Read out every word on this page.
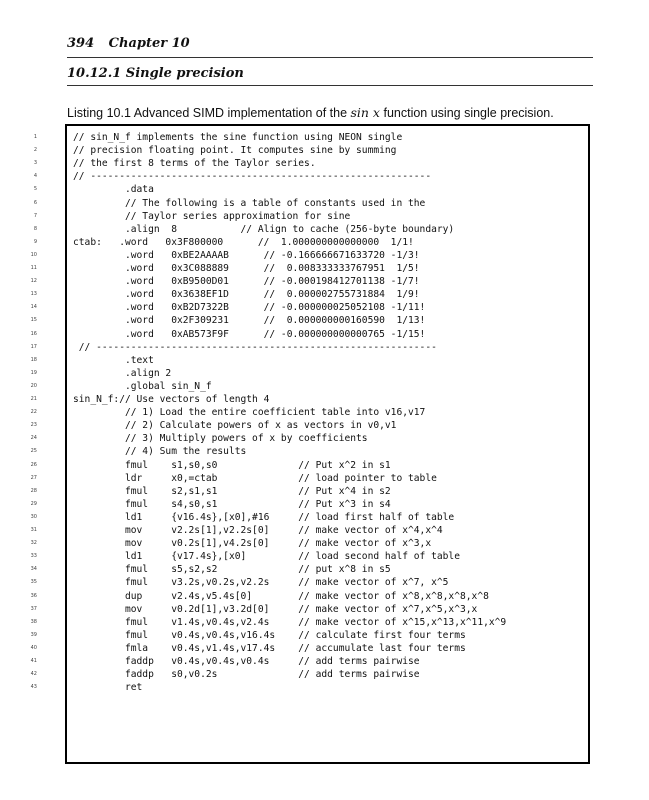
394 Chapter 10
10.12.1 Single precision
Listing 10.1 Advanced SIMD implementation of the sin x function using single precision.
1	// sin_N_f implements the sine function using NEON single
2	// precision floating point. It computes sine by summing
3	// the first 8 terms of the Taylor series.
4	// -----------------------------------------------------------
5	.data
6	// The following is a table of constants used in the
7	// Taylor series approximation for sine
8	.align  8           // Align to cache (256-byte boundary)
9	ctab:   .word   0x3F800000      //  1.000000000000000  1/1!
10	.word   0xBE2AAAAB      // -0.166666671633720 -1/3!
11	.word   0x3C088889      //  0.008333333767951  1/5!
12	.word   0xB9500D01      // -0.000198412701138 -1/7!
13	.word   0x3638EF1D      //  0.000002755731884  1/9!
14	.word   0xB2D7322B      // -0.000000025052108 -1/11!
15	.word   0x2F309231      //  0.000000000160590  1/13!
16	.word   0xAB573F9F      // -0.000000000000765 -1/15!
17	// -----------------------------------------------------------
18	.text
19	.align 2
20	.global sin_N_f
21	sin_N_f:// Use vectors of length 4
22	// 1) Load the entire coefficient table into v16,v17
23	// 2) Calculate powers of x as vectors in v0,v1
24	// 3) Multiply powers of x by coefficients
25	// 4) Sum the results
26	fmul    s1,s0,s0              // Put x^2 in s1
27	ldr     x0,=ctab              // load pointer to table
28	fmul    s2,s1,s1              // Put x^4 in s2
29	fmul    s4,s0,s1              // Put x^3 in s4
30	ld1     {v16.4s},[x0],#16     // load first half of table
31	mov     v2.2s[1],v2.2s[0]     // make vector of x^4,x^4
32	mov     v0.2s[1],v4.2s[0]     // make vector of x^3,x
33	ld1     {v17.4s},[x0]         // load second half of table
34	fmul    s5,s2,s2              // put x^8 in s5
35	fmul    v3.2s,v0.2s,v2.2s     // make vector of x^7, x^5
36	dup     v2.4s,v5.4s[0]        // make vector of x^8,x^8,x^8,x^8
37	mov     v0.2d[1],v3.2d[0]     // make vector of x^7,x^5,x^3,x
38	fmul    v1.4s,v0.4s,v2.4s     // make vector of x^15,x^13,x^11,x^9
39	fmul    v0.4s,v0.4s,v16.4s    // calculate first four terms
40	fmla    v0.4s,v1.4s,v17.4s    // accumulate last four terms
41	faddp   v0.4s,v0.4s,v0.4s     // add terms pairwise
42	faddp   s0,v0.2s              // add terms pairwise
43	ret
